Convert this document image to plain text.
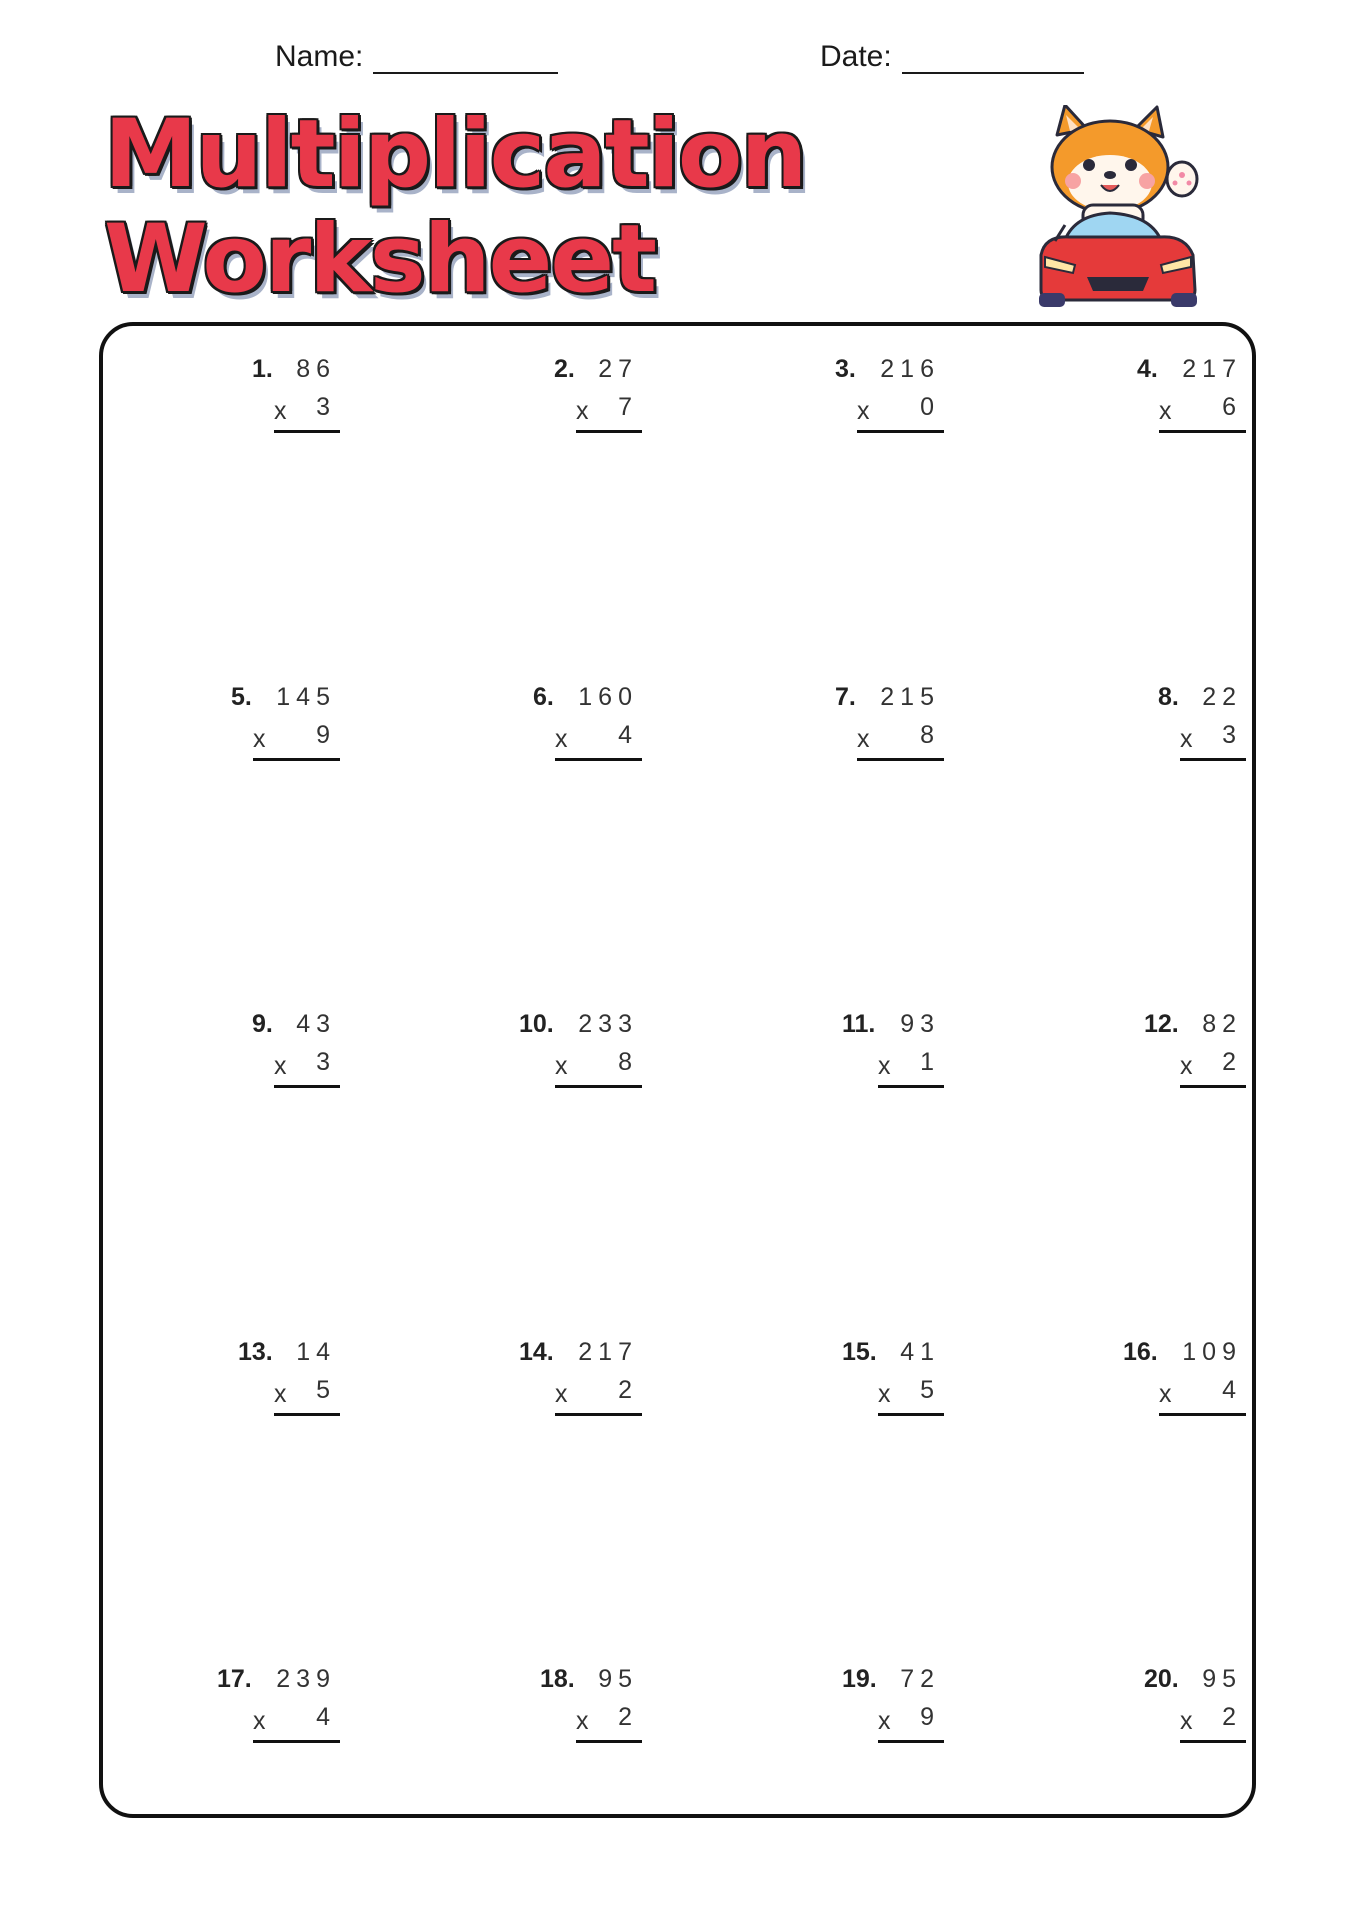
Name:	Date:
Multiplication
Worksheet
1. 86
x	3
2. 27
x	7
3. 216
x	0
4. 217
x	6
5. 145
x	9
6. 160
x	4
7. 215
x	8
8. 22
x	3
9. 43
x	3
10. 233
x	8
11. 93
x	1
12. 82
x	2
13. 14
x	5
14. 217
x	2
15. 41
x	5
16. 109
x	4
17. 239
x	4
18. 95
x	2
19. 72
x	9
20. 95
x	2
